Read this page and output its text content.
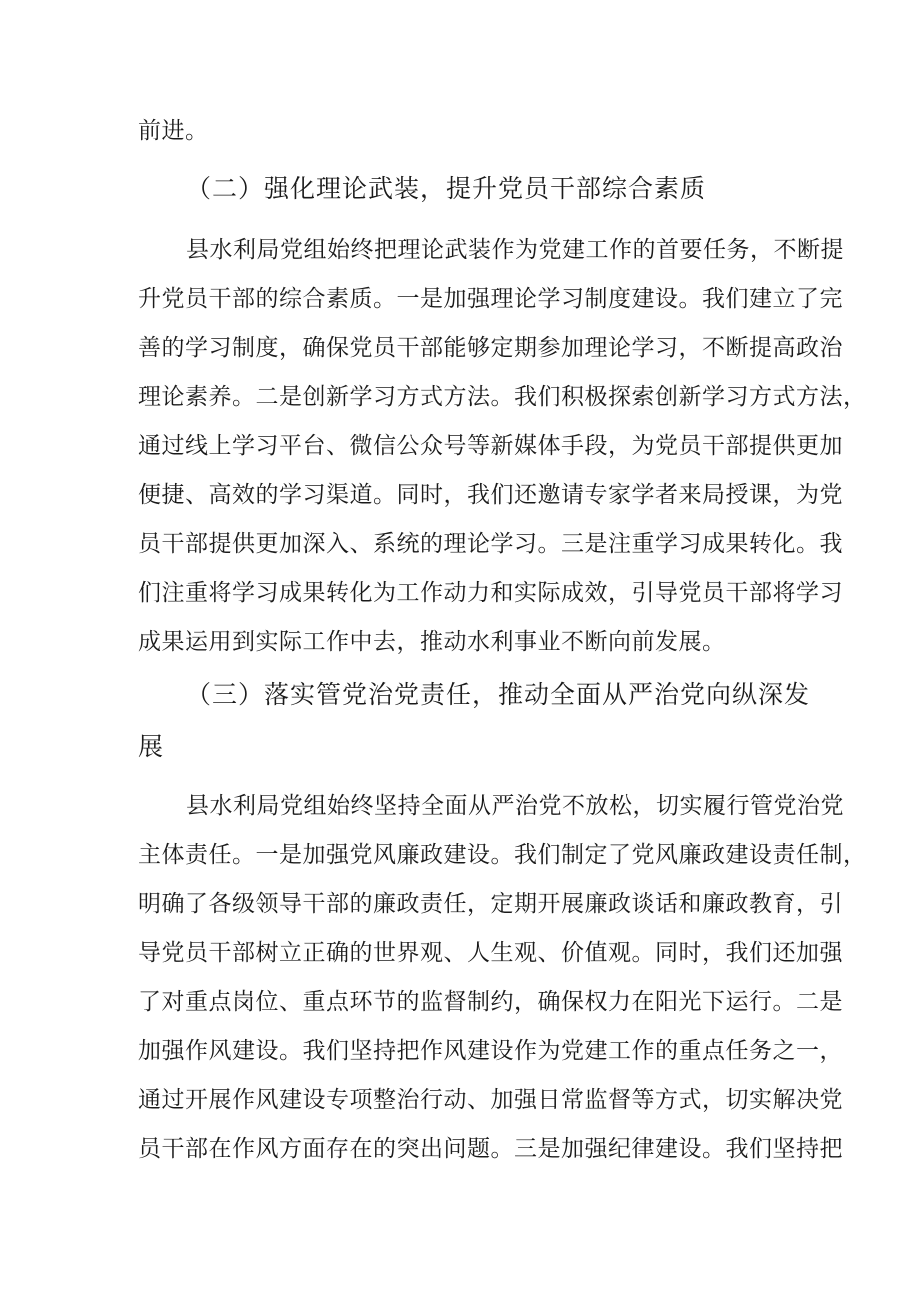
前进。
（二）强化理论武装，提升党员干部综合素质
县水利局党组始终把理论武装作为党建工作的首要任务，不断提
升党员干部的综合素质。一是加强理论学习制度建设。我们建立了完
善的学习制度，确保党员干部能够定期参加理论学习，不断提高政治
理论素养。二是创新学习方式方法。我们积极探索创新学习方式方法，
通过线上学习平台、微信公众号等新媒体手段，为党员干部提供更加
便捷、高效的学习渠道。同时，我们还邀请专家学者来局授课，为党
员干部提供更加深入、系统的理论学习。三是注重学习成果转化。我
们注重将学习成果转化为工作动力和实际成效，引导党员干部将学习
成果运用到实际工作中去，推动水利事业不断向前发展。
（三）落实管党治党责任，推动全面从严治党向纵深发
展
县水利局党组始终坚持全面从严治党不放松，切实履行管党治党
主体责任。一是加强党风廉政建设。我们制定了党风廉政建设责任制，
明确了各级领导干部的廉政责任，定期开展廉政谈话和廉政教育，引
导党员干部树立正确的世界观、人生观、价值观。同时，我们还加强
了对重点岗位、重点环节的监督制约，确保权力在阳光下运行。二是
加强作风建设。我们坚持把作风建设作为党建工作的重点任务之一，
通过开展作风建设专项整治行动、加强日常监督等方式，切实解决党
员干部在作风方面存在的突出问题。三是加强纪律建设。我们坚持把
